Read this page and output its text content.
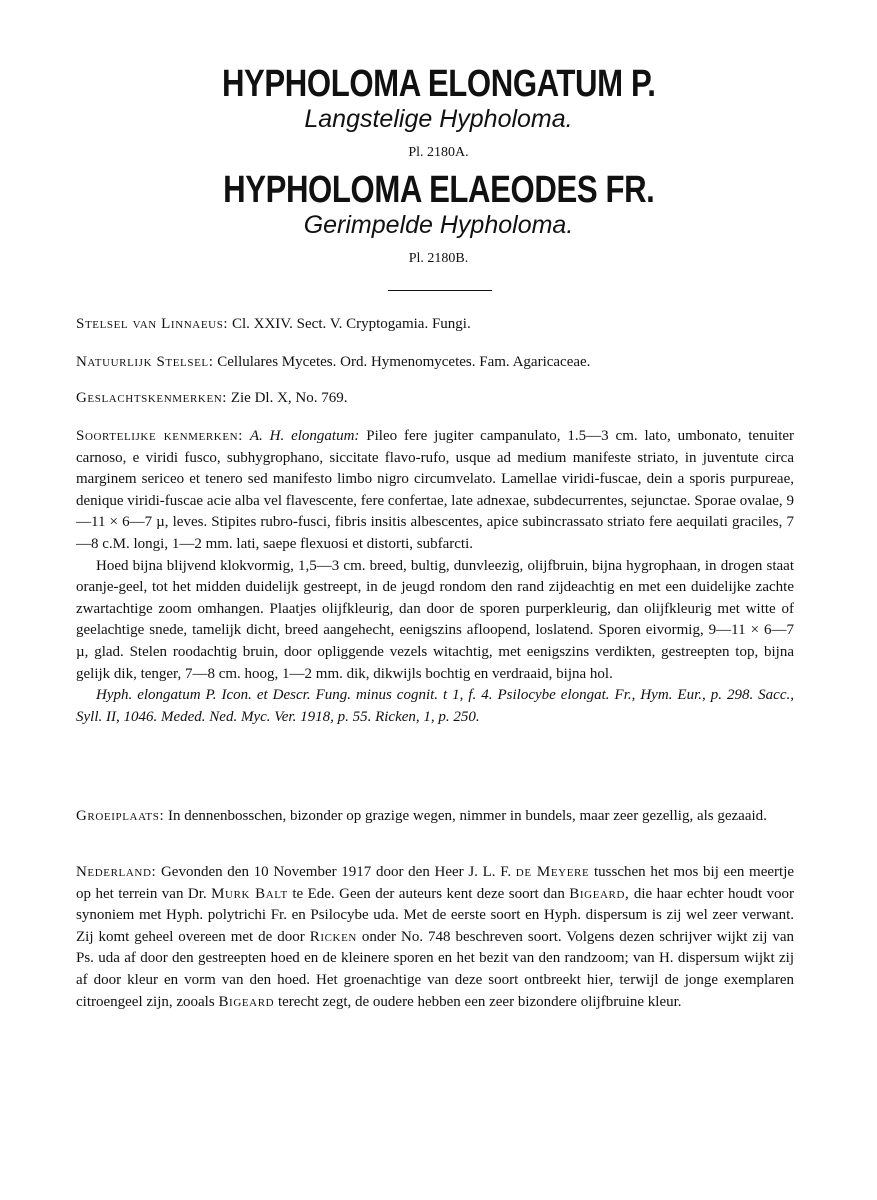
HYPHOLOMA ELONGATUM P.
Langstelige Hypholoma.
Pl. 2180A.
HYPHOLOMA ELAEODES FR.
Gerimpelde Hypholoma.
Pl. 2180B.
Stelsel van Linnaeus: Cl. XXIV. Sect. V. Cryptogamia. Fungi.
Natuurlijk Stelsel: Cellulares Mycetes. Ord. Hymenomycetes. Fam. Agaricaceae.
Geslachtskenmerken: Zie Dl. X, No. 769.

Soortelijke kenmerken: A. H. elongatum: Pileo fere jugiter campanulato, 1.5—3 cm. lato, umbonato, tenuiter carnoso, e viridi fusco, subhygrophano, siccitate flavo-rufo, usque ad medium manifeste striato, in juventute circa marginem sericeo et tenero sed manifesto limbo nigro circumvelato. Lamellae viridi-fuscae, dein a sporis purpureae, denique viridi-fuscae acie alba vel flavescente, fere confertae, late adnexae, subdecurrentes, sejunctae. Sporae ovalae, 9—11 × 6—7 µ, leves. Stipites rubro-fusci, fibris insitis albescentes, apice subincrassato striato fere aequilati graciles, 7—8 c.M. longi, 1—2 mm. lati, saepe flexuosi et distorti, subfarcti.

Hoed bijna blijvend klokvormig, 1,5—3 cm. breed, bultig, dunvleezig, olijfbruin, bijna hygrophaan, in drogen staat oranje-geel, tot het midden duidelijk gestreept, in de jeugd rondom den rand zijdeachtig en met een duidelijke zachte zwartachtige zoom omhangen. Plaatjes olijfkleurig, dan door de sporen purperkleurig, dan olijfkleurig met witte of geelachtige snede, tamelijk dicht, breed aangehecht, eenigszins afloopend, loslatend. Sporen eivormig, 9—11 × 6—7 µ, glad. Stelen roodachtig bruin, door opliggende vezels witachtig, met eenigszins verdikten, gestreepten top, bijna gelijk dik, tenger, 7—8 cm. hoog, 1—2 mm. dik, dikwijls bochtig en verdraaid, bijna hol.

Hyph. elongatum P. Icon. et Descr. Fung. minus cognit. t 1, f. 4. Psilocybe elongat. Fr., Hym. Eur., p. 298. Sacc., Syll. II, 1046. Meded. Ned. Myc. Ver. 1918, p. 55. Ricken, 1, p. 250.

Groeiplaats: In dennenbosschen, bizonder op grazige wegen, nimmer in bundels, maar zeer gezellig, als gezaaid.
Nederland: Gevonden den 10 November 1917 door den Heer J. L. F. de Meyere tusschen het mos bij een meertje op het terrein van Dr. Murk Balt te Ede. Geen der auteurs kent deze soort dan Bigeard, die haar echter houdt voor synoniem met Hyph. polytrichi Fr. en Psilocybe uda. Met de eerste soort en Hyph. dispersum is zij wel zeer verwant. Zij komt geheel overeen met de door Ricken onder No. 748 beschreven soort. Volgens dezen schrijver wijkt zij van Ps. uda af door den gestreepten hoed en de kleinere sporen en het bezit van den randzoom; van H. dispersum wijkt zij af door kleur en vorm van den hoed. Het groenachtige van deze soort ontbreekt hier, terwijl de jonge exemplaren citroengeel zijn, zooals Bigeard terecht zegt, de oudere hebben een zeer bizondere olijfbruine kleur.
